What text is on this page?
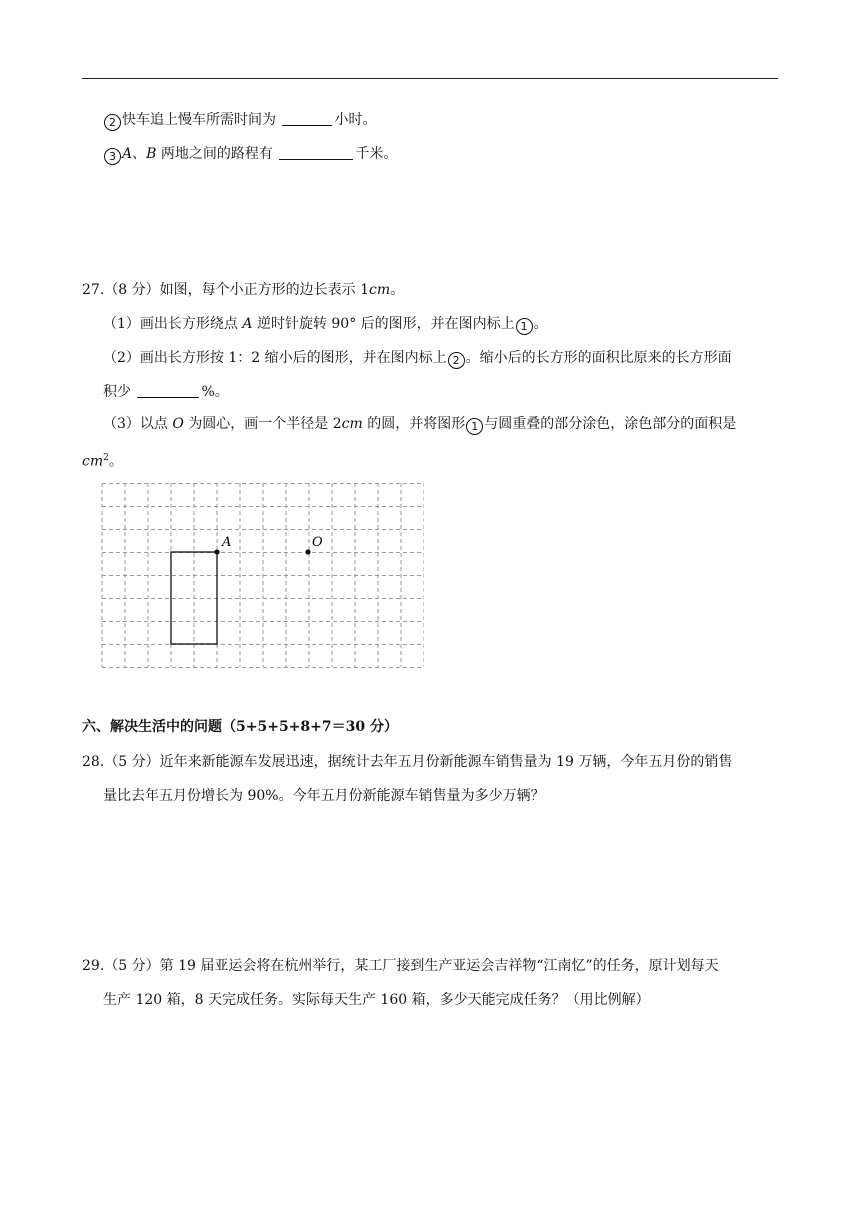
2 快车追上慢车所需时间为	小时。
3 A、B 两地之间的路程有	千米。
27.（8 分）如图，每个小正方形的边长表示 1cm。
（1）画出长方形绕点 A 逆时针旋转 90° 后的图形，并在图内标上 1 。
（2）画出长方形按 1：2 缩小后的图形，并在图内标上 2 。缩小后的长方形的面积比原来的长方形面
积少	%。
（3）以点 O 为圆心，画一个半径是 2cm 的圆，并将图形 1 与圆重叠的部分涂色，涂色部分的面积是
$cm^2$。
A	O
六、解决生活中的问题（5+5+5+8+7＝30 分）
28.（5 分）近年来新能源车发展迅速，据统计去年五月份新能源车销售量为 19 万辆，今年五月份的销售
量比去年五月份增长为 90%。今年五月份新能源车销售量为多少万辆？
29.（5 分）第 19 届亚运会将在杭州举行，某工厂接到生产亚运会吉祥物“江南忆”的任务，原计划每天
生产 120 箱，8 天完成任务。实际每天生产 160 箱，多少天能完成任务？（用比例解）
